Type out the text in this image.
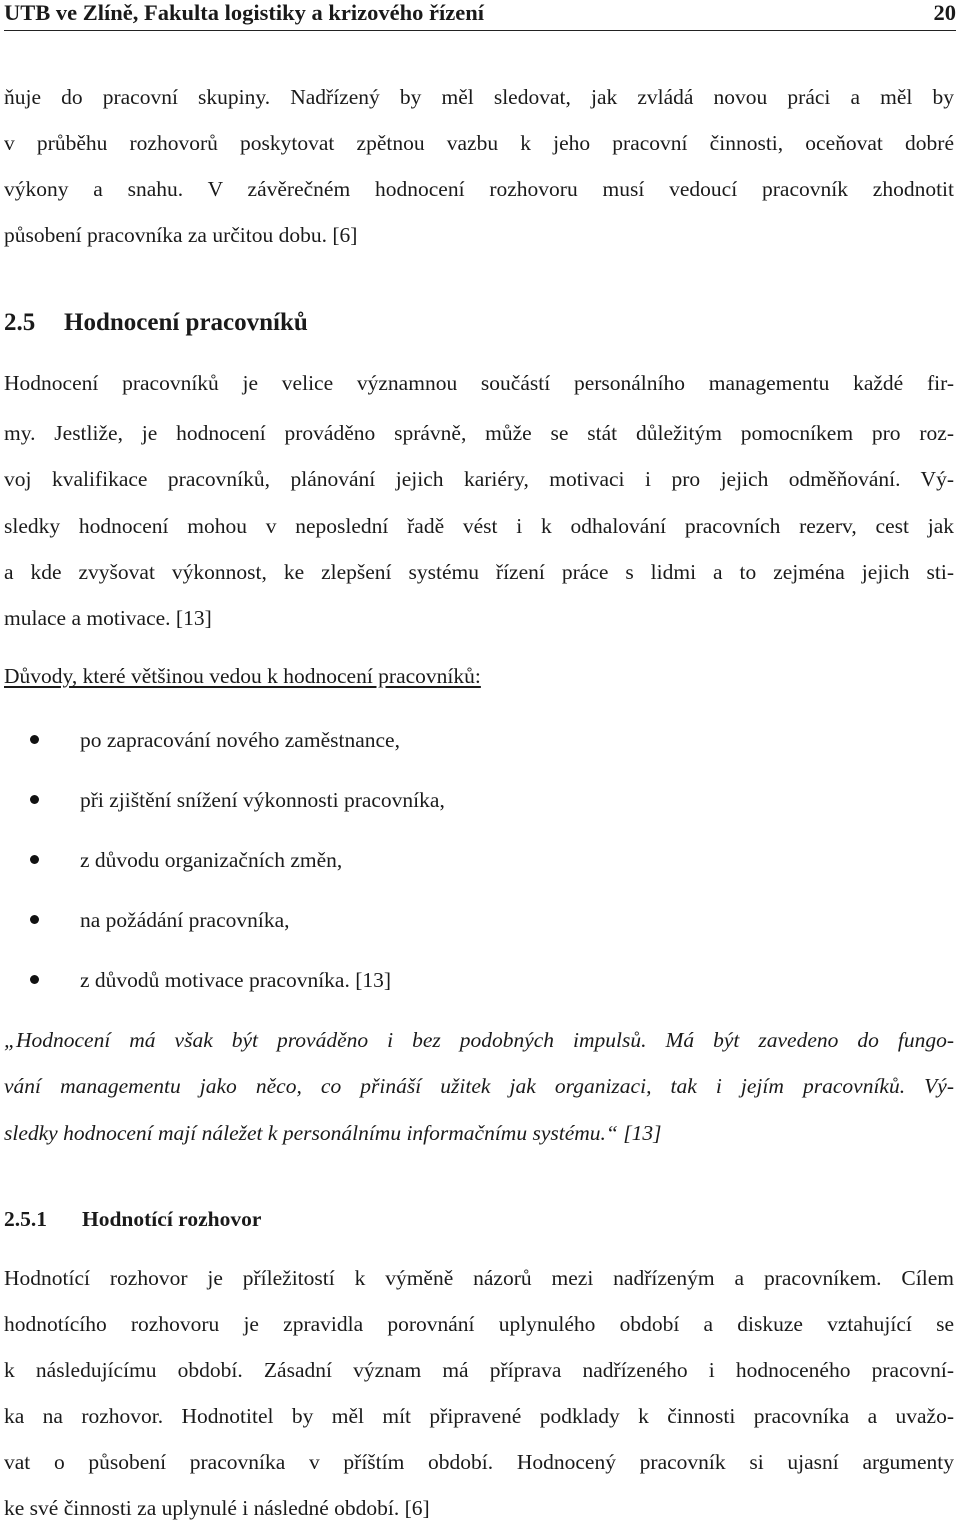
UTB ve Zlíně, Fakulta logistiky a krizového řízení	20
ňuje do pracovní skupiny. Nadřízený by měl sledovat, jak zvládá novou práci a měl by
v průběhu rozhovorů poskytovat zpětnou vazbu k jeho pracovní činnosti, oceňovat dobré
výkony a snahu. V závěrečném hodnocení rozhovoru musí vedoucí pracovník zhodnotit
působení pracovníka za určitou dobu. [6]
2.5 Hodnocení pracovníků
Hodnocení pracovníků je velice významnou součástí personálního managementu každé fir-
my. Jestliže, je hodnocení prováděno správně, může se stát důležitým pomocníkem pro roz-
voj kvalifikace pracovníků, plánování jejich kariéry, motivaci i pro jejich odměňování. Vý-
sledky hodnocení mohou v neposlední řadě vést i k odhalování pracovních rezerv, cest jak
a kde zvyšovat výkonnost, ke zlepšení systému řízení práce s lidmi a to zejména jejich sti-
mulace a motivace. [13]
Důvody, které většinou vedou k hodnocení pracovníků:
po zapracování nového zaměstnance,
při zjištění snížení výkonnosti pracovníka,
z důvodu organizačních změn,
na požádání pracovníka,
z důvodů motivace pracovníka. [13]
„Hodnocení má však být prováděno i bez podobných impulsů. Má být zavedeno do fungo-
vání managementu jako něco, co přináší užitek jak organizaci, tak i jejím pracovníků. Vý-
sledky hodnocení mají náležet k personálnímu informačnímu systému.“ [13]
2.5.1 Hodnotící rozhovor
Hodnotící rozhovor je příležitostí k výměně názorů mezi nadřízeným a pracovníkem. Cílem
hodnotícího rozhovoru je zpravidla porovnání uplynulého období a diskuze vztahující se
k následujícímu období. Zásadní význam má příprava nadřízeného i hodnoceného pracovní-
ka na rozhovor. Hodnotitel by měl mít připravené podklady k činnosti pracovníka a uvažo-
vat o působení pracovníka v příštím období. Hodnocený pracovník si ujasní argumenty
ke své činnosti za uplynulé i následné období. [6]
